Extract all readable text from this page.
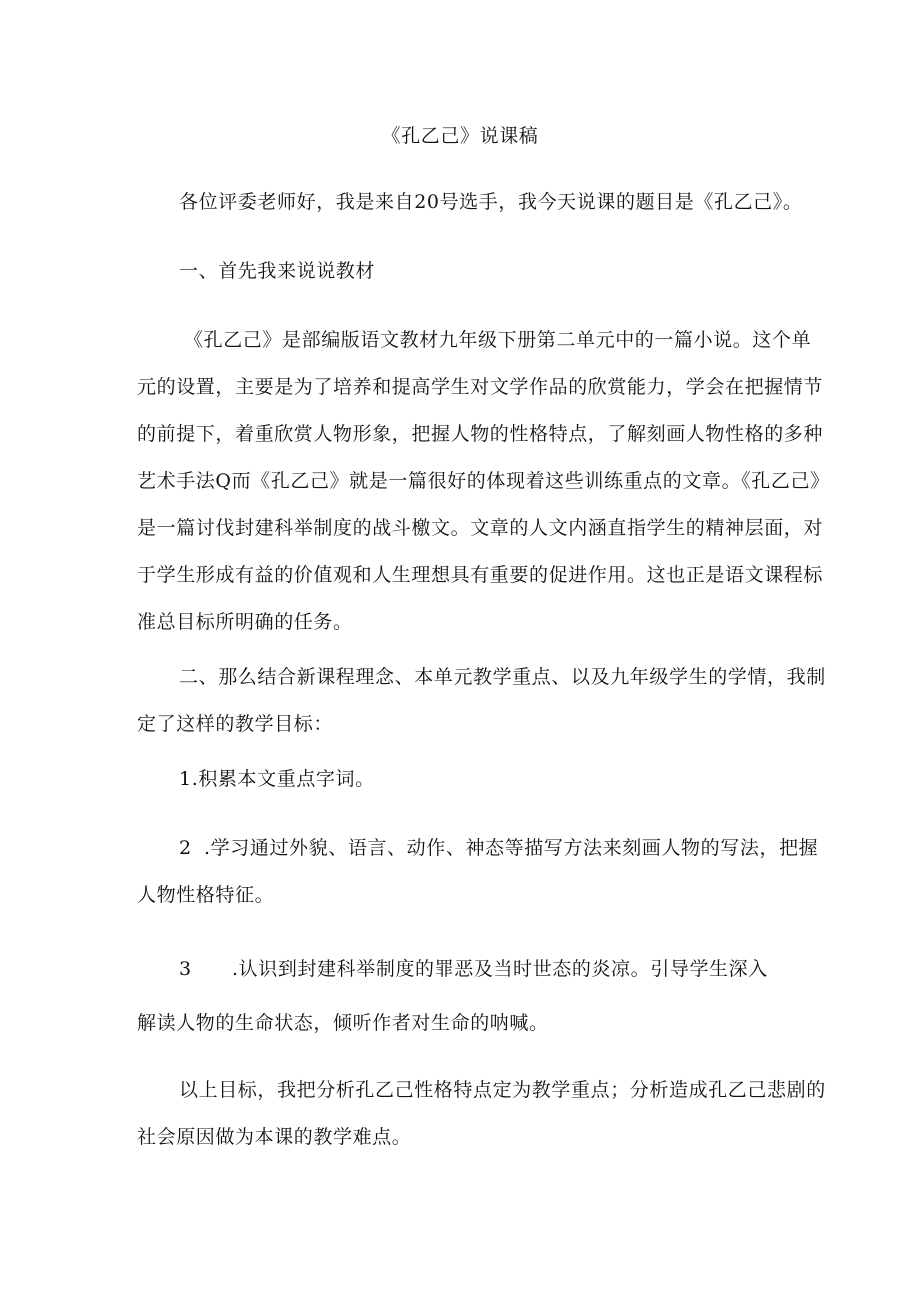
《孔乙己》说课稿
各位评委老师好，我是来自20号选手，我今天说课的题目是《孔乙己》。
一、首先我来说说教材
《孔乙己》是部编版语文教材九年级下册第二单元中的一篇小说。这个单
元的设置，主要是为了培养和提高学生对文学作品的欣赏能力，学会在把握情节
的前提下，着重欣赏人物形象，把握人物的性格特点，了解刻画人物性格的多种
艺术手法Q而《孔乙己》就是一篇很好的体现着这些训练重点的文章。《孔乙己》
是一篇讨伐封建科举制度的战斗檄文。文章的人文内涵直指学生的精神层面，对
于学生形成有益的价值观和人生理想具有重要的促进作用。这也正是语文课程标
准总目标所明确的任务。
二、那么结合新课程理念、本单元教学重点、以及九年级学生的学情，我制
定了这样的教学目标：
1.积累本文重点字词。
2 .学习通过外貌、语言、动作、神态等描写方法来刻画人物的写法，把握
人物性格特征。
3 .认识到封建科举制度的罪恶及当时世态的炎凉。引导学生深入
解读人物的生命状态，倾听作者对生命的呐喊。
以上目标，我把分析孔乙己性格特点定为教学重点；分析造成孔乙己悲剧的
社会原因做为本课的教学难点。
